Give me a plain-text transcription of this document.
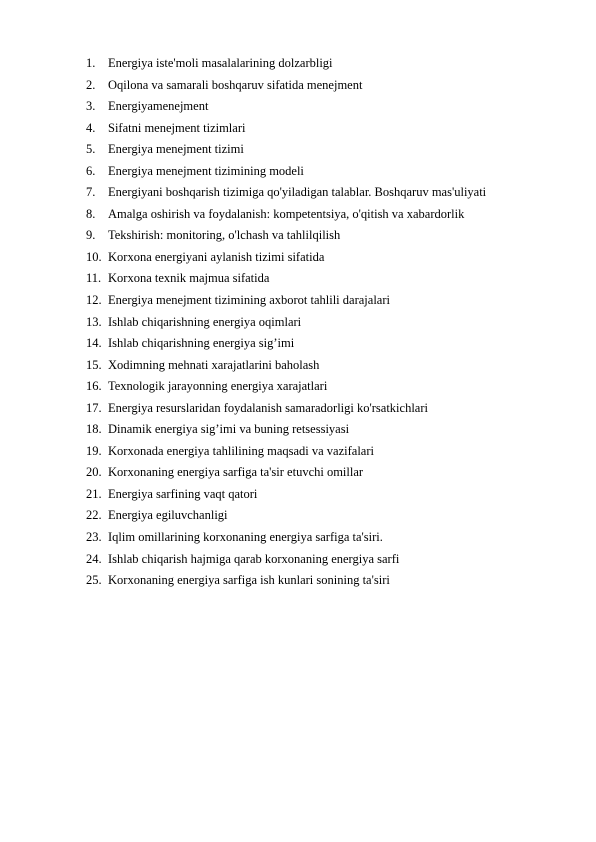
1.	Energiya iste'moli masalalarining dolzarbligi
2.	Oqilona va samarali boshqaruv sifatida menejment
3.	Energiyamenejment
4.	Sifatni menejment tizimlari
5.	Energiya menejment tizimi
6.	Energiya menejment tizimining modeli
7.	Energiyani boshqarish tizimiga qo'yiladigan talablar. Boshqaruv mas'uliyati
8.	Amalga oshirish va foydalanish: kompetentsiya, o'qitish va xabardorlik
9.	Tekshirish: monitoring, o'lchash va tahlilqilish
10. Korxona energiyani aylanish tizimi sifatida
11. Korxona texnik majmua sifatida
12. Energiya menejment tizimining axborot tahlili darajalari
13. Ishlab chiqarishning energiya oqimlari
14. Ishlab chiqarishning energiya sig’imi
15. Xodimning mehnati xarajatlarini baholash
16. Texnologik jarayonning energiya xarajatlari
17. Energiya resurslaridan foydalanish samaradorligi ko'rsatkichlari
18. Dinamik energiya sig’imi va buning retsessiyasi
19. Korxonada energiya tahlilining maqsadi va vazifalari
20. Korxonaning energiya sarfiga ta'sir etuvchi omillar
21. Energiya sarfining vaqt qatori
22. Energiya egiluvchanligi
23. Iqlim omillarining korxonaning energiya sarfiga ta'siri.
24. Ishlab chiqarish hajmiga qarab korxonaning energiya sarfi
25. Korxonaning energiya sarfiga ish kunlari sonining ta'siri
